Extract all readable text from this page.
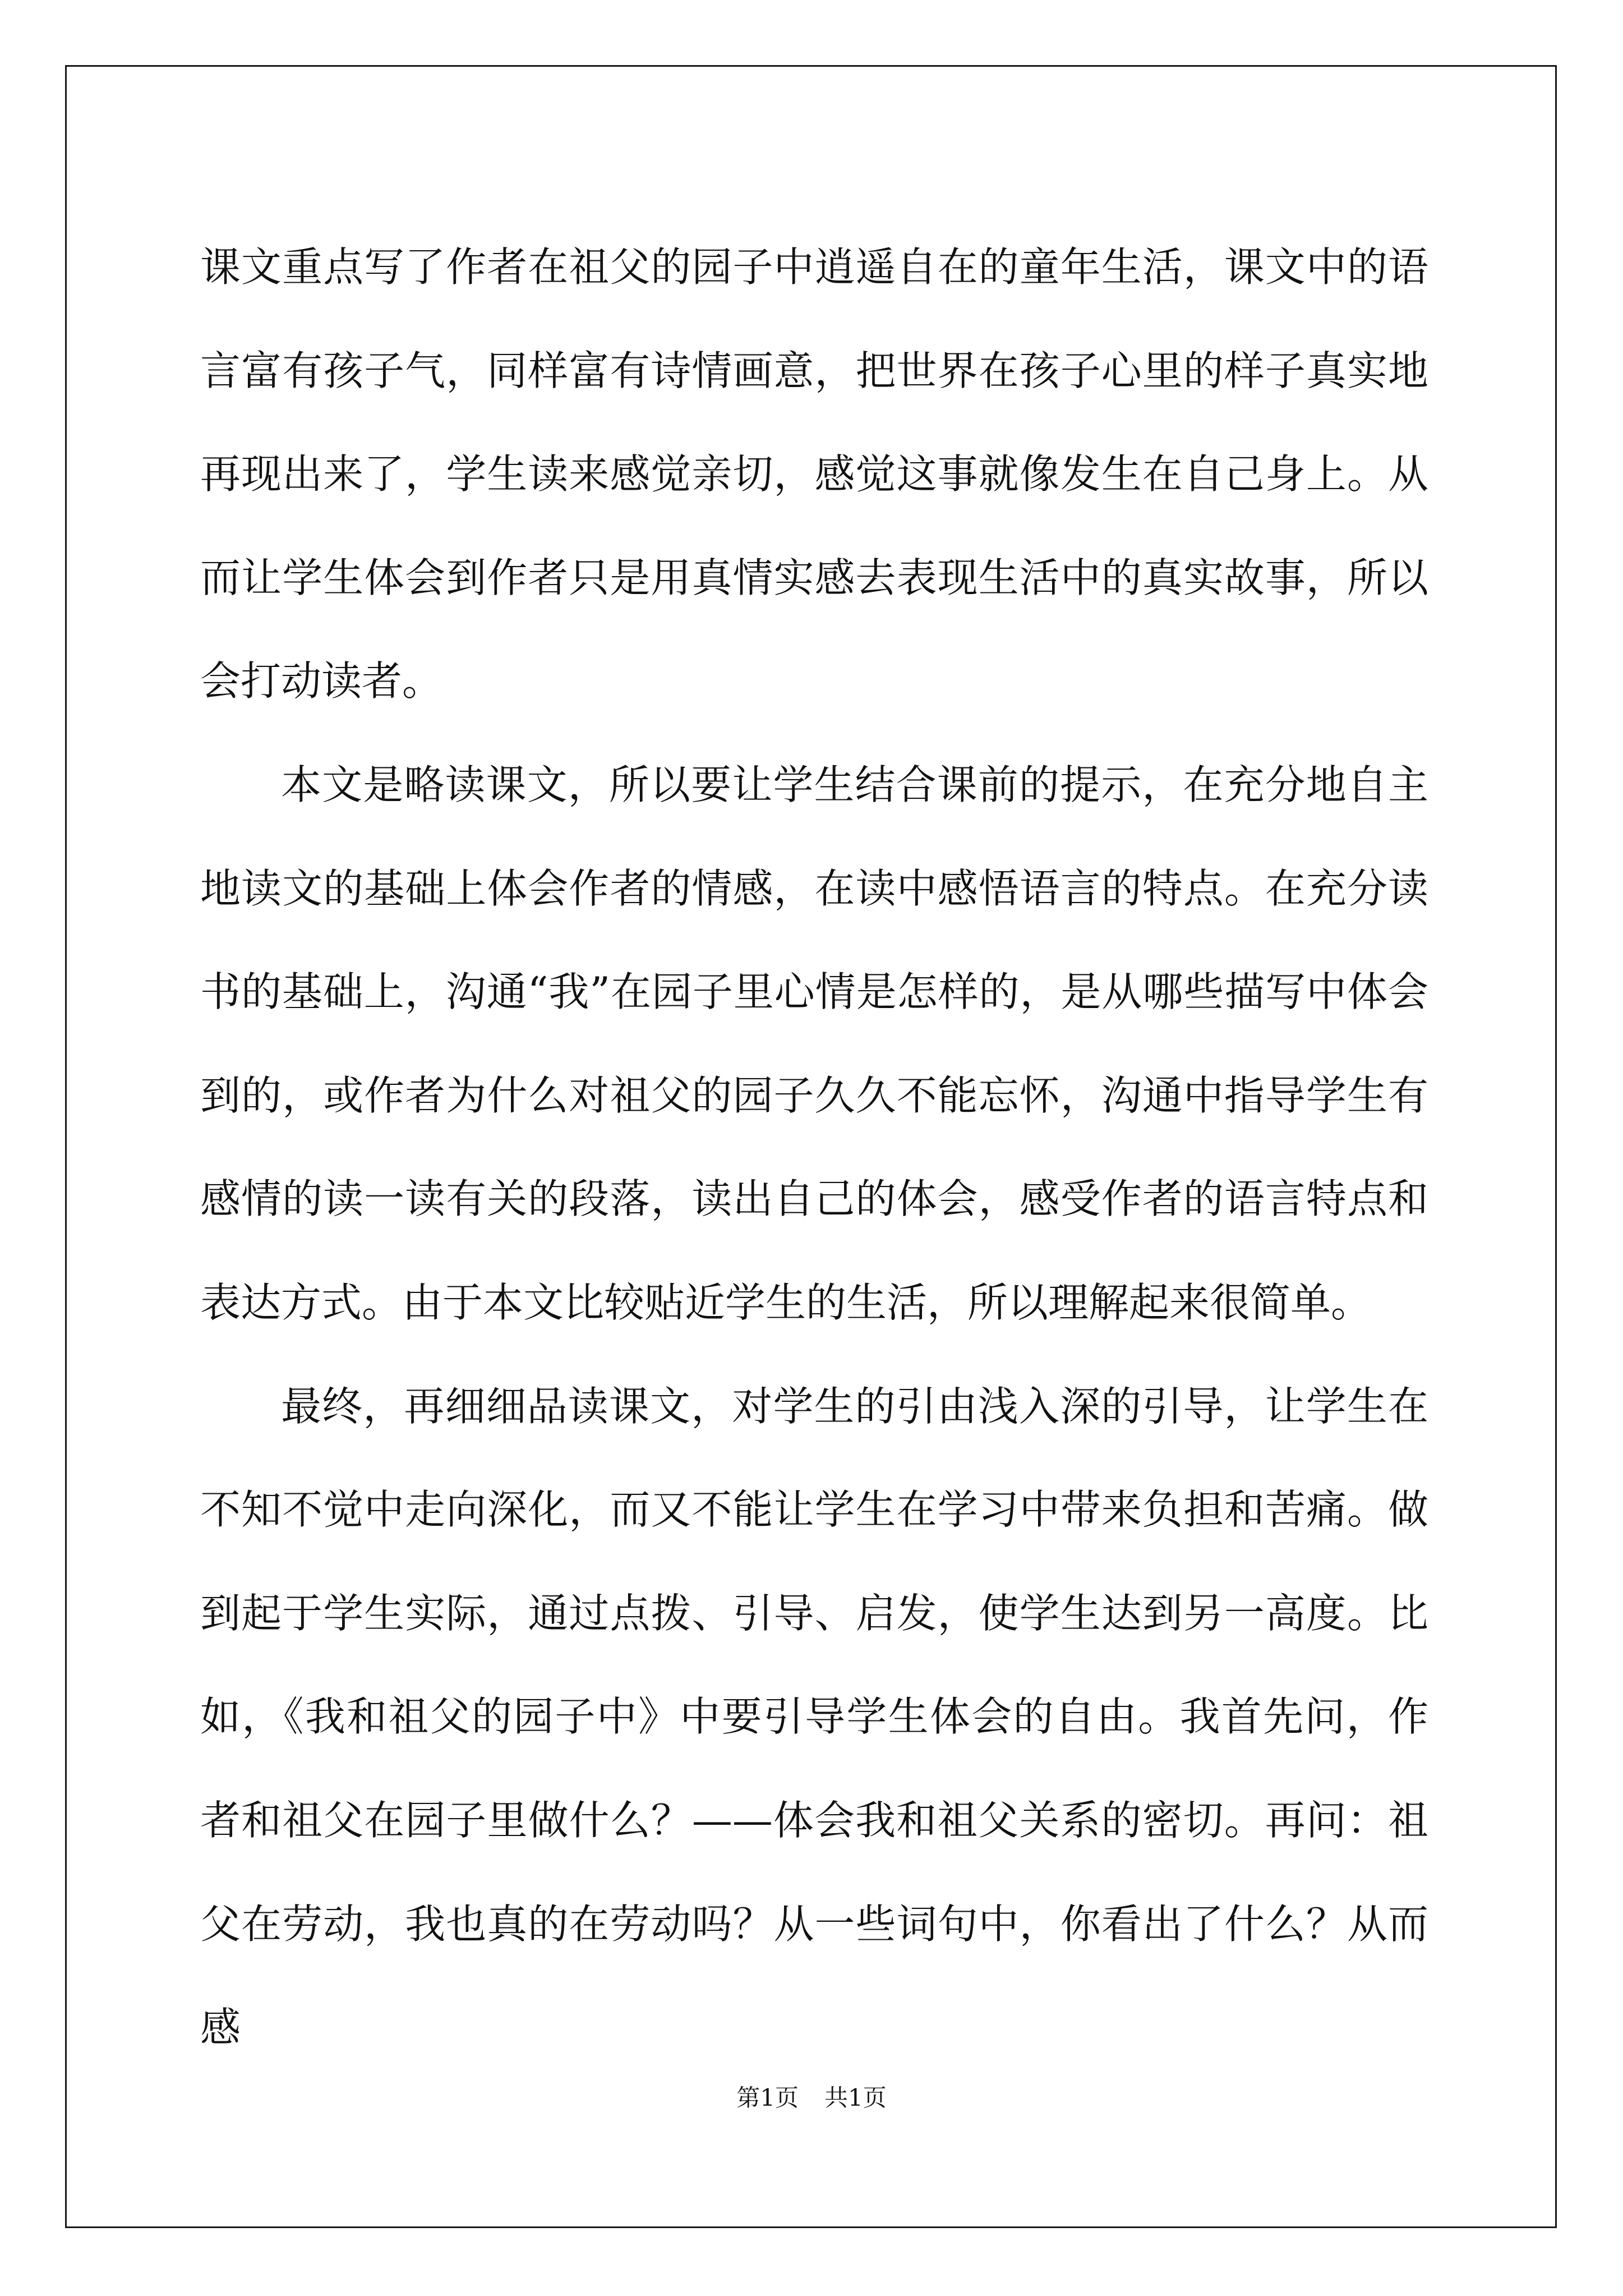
课文重点写了作者在祖父的园子中逍遥自在的童年生活，课文中的语言富有孩子气，同样富有诗情画意，把世界在孩子心里的样子真实地再现出来了，学生读来感觉亲切，感觉这事就像发生在自己身上。从而让学生体会到作者只是用真情实感去表现生活中的真实故事，所以会打动读者。

本文是略读课文，所以要让学生结合课前的提示，在充分地自主地读文的基础上体会作者的情感，在读中感悟语言的特点。在充分读书的基础上，沟通“我”在园子里心情是怎样的，是从哪些描写中体会到的，或作者为什么对祖父的园子久久不能忘怀，沟通中指导学生有感情的读一读有关的段落，读出自己的体会，感受作者的语言特点和表达方式。由于本文比较贴近学生的生活，所以理解起来很简单。

最终，再细细品读课文，对学生的引由浅入深的引导，让学生在不知不觉中走向深化，而又不能让学生在学习中带来负担和苦痛。做到起于学生实际，通过点拨、引导、启发，使学生达到另一高度。比如，《我和祖父的园子中》中要引导学生体会的自由。我首先问，作者和祖父在园子里做什么？——体会我和祖父关系的密切。再问：祖父在劳动，我也真的在劳动吗？从一些词句中，你看出了什么？从而感

第1页 共1页
